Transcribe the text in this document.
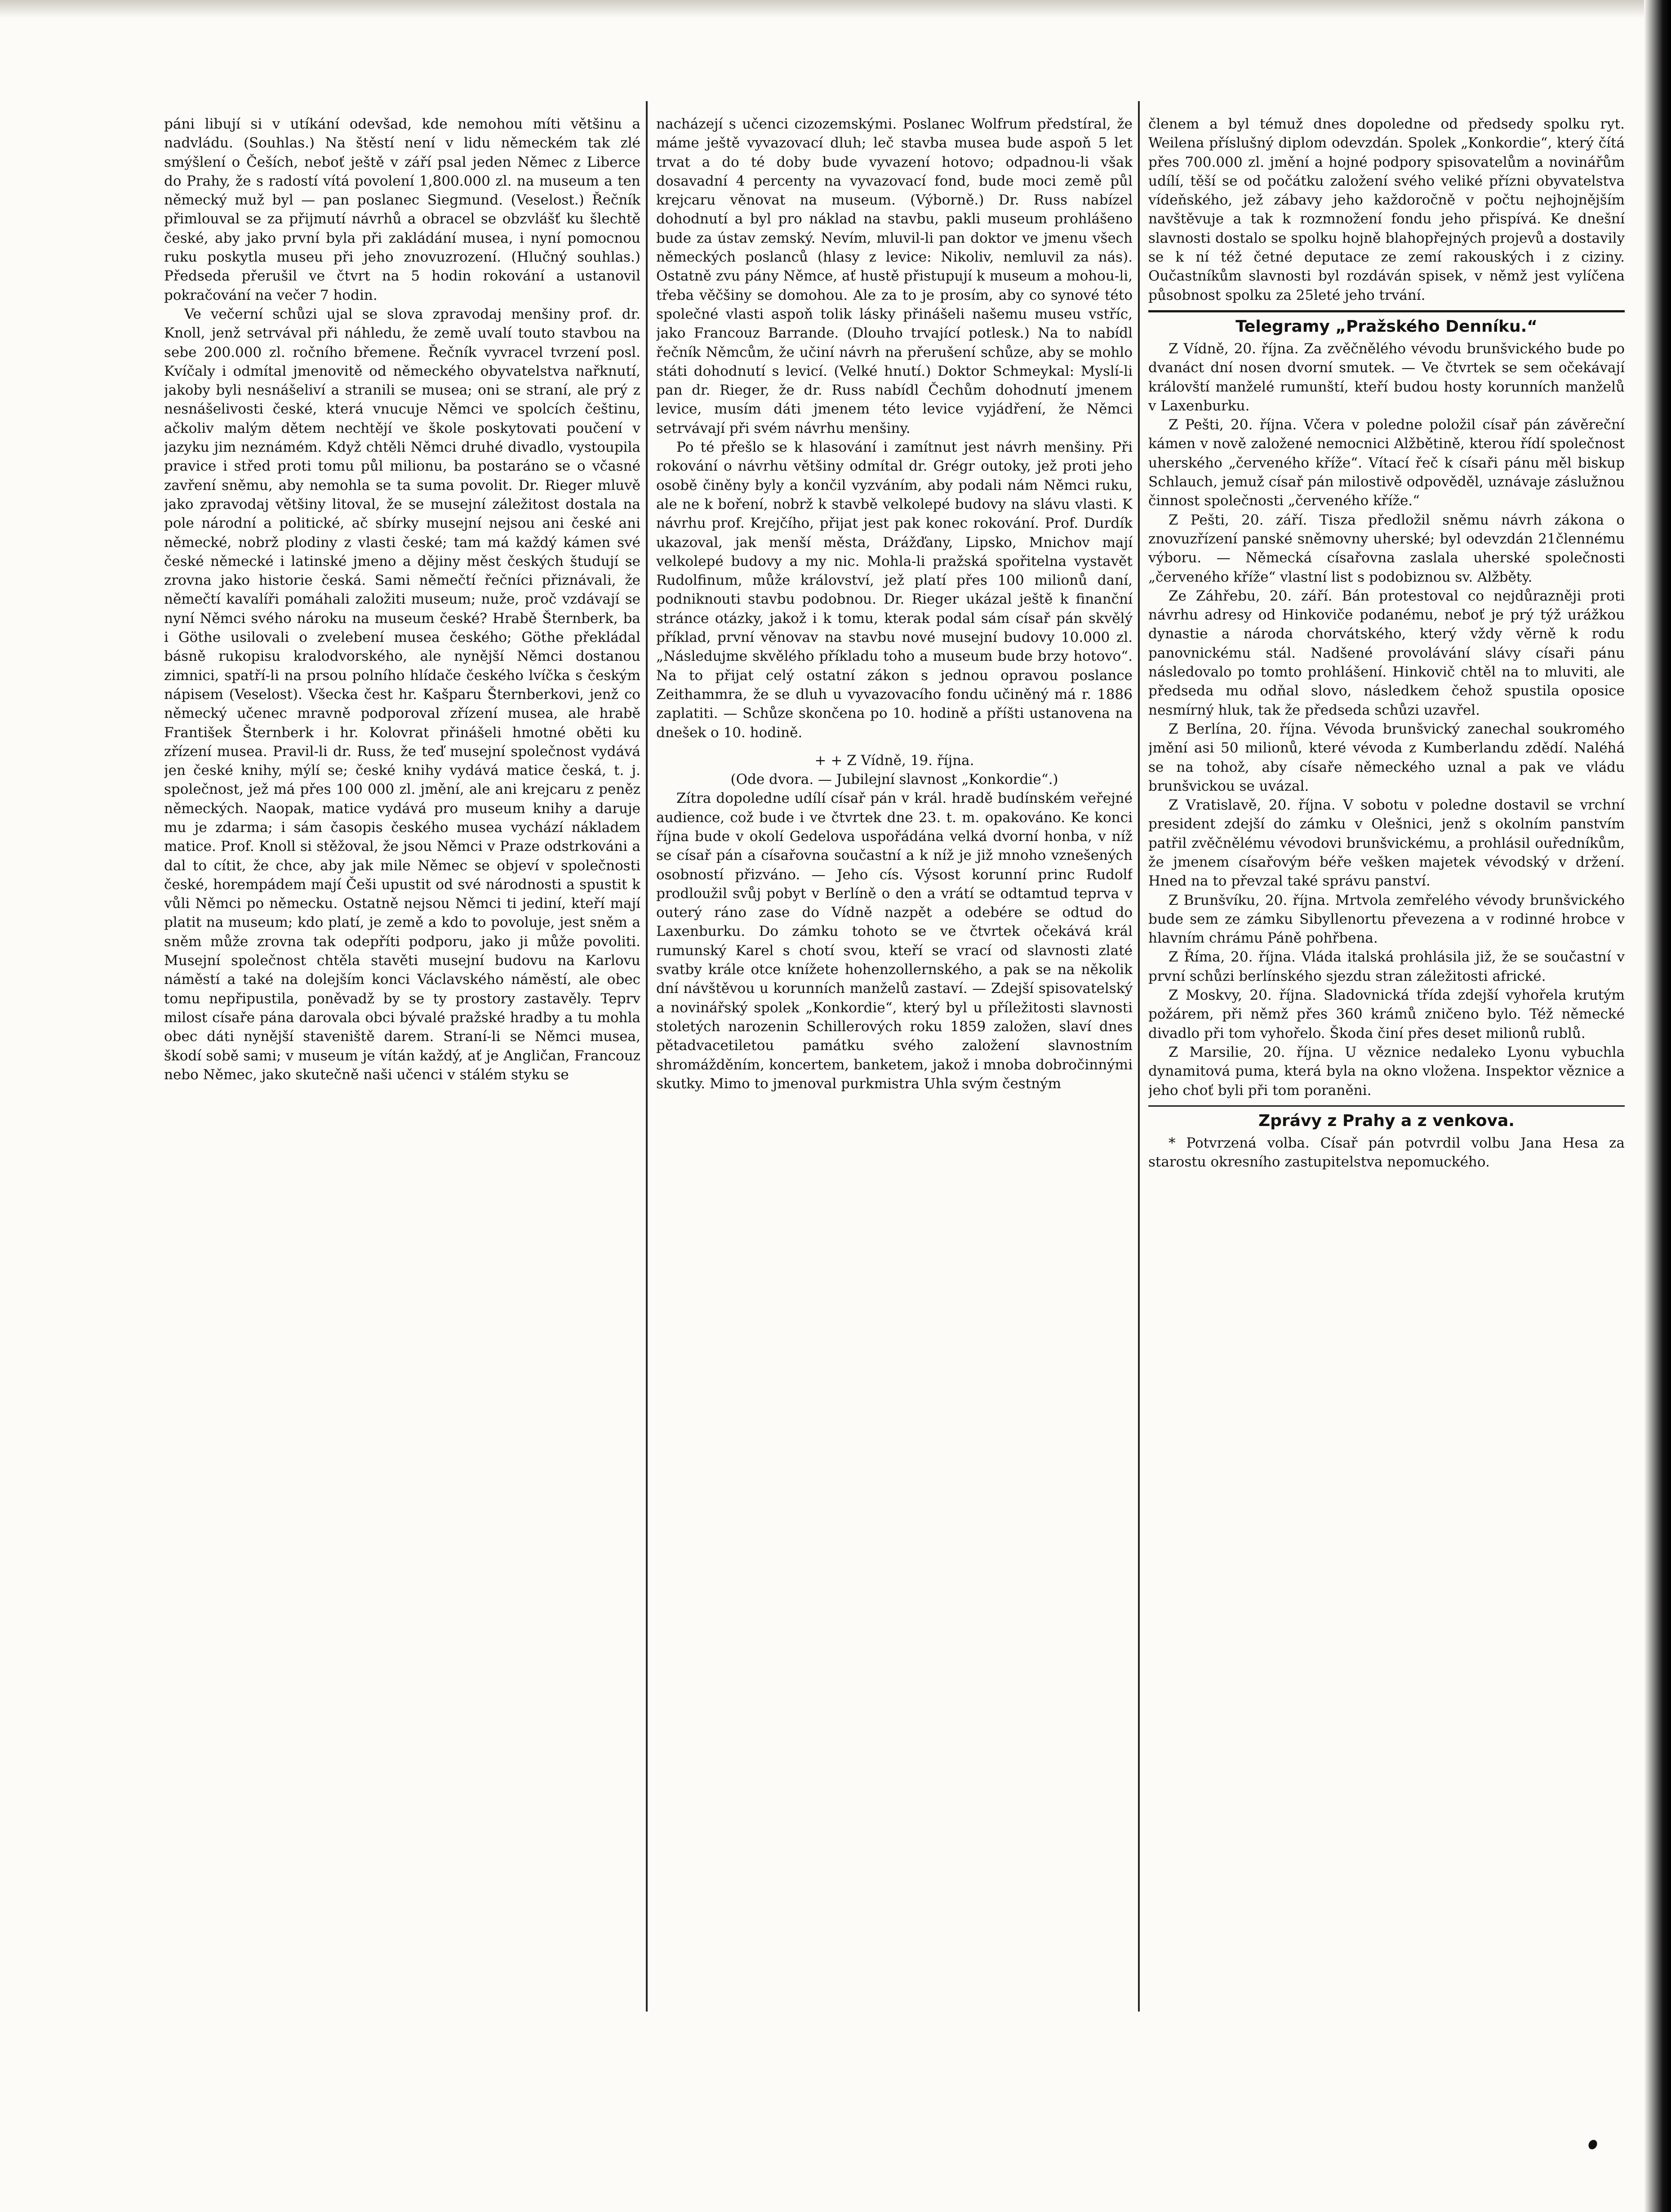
páni libují si v utíkání odevšad, kde nemohou míti většinu a nadvládu. (Souhlas.) Na štěstí není v lidu německém tak zlé smýšlení o Češích, neboť ještě v září psal jeden Němec z Liberce do Prahy, že s radostí vítá povolení 1,800.000 zl. na museum a ten německý muž byl — pan poslanec Siegmund. (Veselost.) Řečník přimlouval se za přijmutí návrhů a obracel se obzvlášť ku šlechtě české, aby jako první byla při zakládání musea, i nyní pomocnou ruku poskytla museu při jeho znovuzrození. (Hlučný souhlas.) Předseda přerušil ve čtvrt na 5 hodin rokování a ustanovil pokračování na večer 7 hodin.

Ve večerní schůzi ujal se slova zpravodaj menšiny prof. dr. Knoll, jenž setrvával při náhledu, že země uvalí touto stavbou na sebe 200.000 zl. ročního břemene. Řečník vyvracel tvrzení posl. Kvíčaly i odmítal jmenovitě od německého obyvatelstva nařknutí, jakoby byli nesnášeliví a stranili se musea; oni se straní, ale prý z nesnášelivosti české, která vnucuje Němci ve spolcích češtinu, ačkoliv malým dětem nechtějí ve škole poskytovati poučení v jazyku jim neznámém. Když chtěli Němci druhé divadlo, vystoupila pravice i střed proti tomu půl milionu, ba postaráno se o včasné zavření sněmu, aby nemohla se ta suma povolit. Dr. Rieger mluvě jako zpravodaj většiny litoval, že se musejní záležitost dostala na pole národní a politické, ač sbírky musejní nejsou ani české ani německé, nobrž plodiny z vlasti české; tam má každý kámen své české německé i latinské jmeno a dějiny měst českých študují se zrovna jako historie česká. Sami němečtí řečníci přiznávali, že němečtí kavalíři pomáhali založiti museum; nuže, proč vzdávají se nyní Němci svého nároku na museum české? Hrabě Šternberk, ba i Göthe usilovali o zvelebení musea českého; Göthe překládal básně rukopisu kralodvorského, ale nynější Němci dostanou zimnici, spatří-li na prsou polního hlídače českého lvíčka s českým nápisem (Veselost). Všecka čest hr. Kašparu Šternberkovi, jenž co německý učenec mravně podporoval zřízení musea, ale hrabě František Šternberk i hr. Kolovrat přinášeli hmotné oběti ku zřízení musea. Pravil-li dr. Russ, že teď musejní společnost vydává jen české knihy, mýlí se; české knihy vydává matice česká, t. j. společnost, jež má přes 100 000 zl. jmění, ale ani krejcaru z peněz německých. Naopak, matice vydává pro museum knihy a daruje mu je zdarma; i sám časopis českého musea vychází nákladem matice. Prof. Knoll si stěžoval, že jsou Němci v Praze odstrkováni a dal to cítit, že chce, aby jak mile Němec se objeví v společnosti české, horempádem mají Češi upustit od své národnosti a spustit k vůli Němci po německu. Ostatně nejsou Němci ti jediní, kteří mají platit na museum; kdo platí, je země a kdo to povoluje, jest sněm a sněm může zrovna tak odepříti podporu, jako ji může povoliti. Musejní společnost chtěla stavěti musejní budovu na Karlovu náměstí a také na dolejším konci Václavského náměstí, ale obec tomu nepřipustila, poněvadž by se ty prostory zastavěly. Teprv milost císaře pána darovala obci bývalé pražské hradby a tu mohla obec dáti nynější staveniště darem. Straní-li se Němci musea, škodí sobě sami; v museum je vítán každý, ať je Angličan, Francouz nebo Němec, jako skutečně naši učenci v stálém styku se

nacházejí s učenci cizozemskými. Poslanec Wolfrum předstíral, že máme ještě vyvazovací dluh; leč stavba musea bude aspoň 5 let trvat a do té doby bude vyvazení hotovo; odpadnou-li však dosavadní 4 percenty na vyvazovací fond, bude moci země půl krejcaru věnovat na museum. (Výborně.) Dr. Russ nabízel dohodnutí a byl pro náklad na stavbu, pakli museum prohlášeno bude za ústav zemský. Nevím, mluvil-li pan doktor ve jmenu všech německých poslanců (hlasy z levice: Nikoliv, nemluvil za nás). Ostatně zvu pány Němce, ať hustě přistupují k museum a mohou-li, třeba věčšiny se domohou. Ale za to je prosím, aby co synové této společné vlasti aspoň tolik lásky přinášeli našemu museu vstříc, jako Francouz Barrande. (Dlouho trvající potlesk.) Na to nabídl řečník Němcům, že učiní návrh na přerušení schůze, aby se mohlo státi dohodnutí s levicí. (Velké hnutí.) Doktor Schmeykal: Myslí-li pan dr. Rieger, že dr. Russ nabídl Čechům dohodnutí jmenem levice, musím dáti jmenem této levice vyjádření, že Němci setrvávají při svém návrhu menšiny.

Po té přešlo se k hlasování i zamítnut jest návrh menšiny. Při rokování o návrhu většiny odmítal dr. Grégr outoky, jež proti jeho osobě činěny byly a končil vyzváním, aby podali nám Němci ruku, ale ne k boření, nobrž k stavbě velkolepé budovy na slávu vlasti. K návrhu prof. Krejčího, přijat jest pak konec rokování. Prof. Durdík ukazoval, jak menší města, Drážďany, Lipsko, Mnichov mají velkolepé budovy a my nic. Mohla-li pražská spořitelna vystavět Rudolfinum, může království, jež platí přes 100 milionů daní, podniknouti stavbu podobnou. Dr. Rieger ukázal ještě k finanční stránce otázky, jakož i k tomu, kterak podal sám císař pán skvělý příklad, první věnovav na stavbu nové musejní budovy 10.000 zl. „Následujme skvělého příkladu toho a museum bude brzy hotovo“. Na to přijat celý ostatní zákon s jednou opravou poslance Zeithammra, že se dluh u vyvazovacího fondu učiněný má r. 1886 zaplatiti. — Schůze skončena po 10. hodině a příšti ustanovena na dnešek o 10. hodině.

+ + Z Vídně, 19. října.
(Ode dvora. — Jubilejní slavnost „Konkordie“.)

Zítra dopoledne udílí císař pán v král. hradě budínském veřejné audience, což bude i ve čtvrtek dne 23. t. m. opakováno. Ke konci října bude v okolí Gedelova uspořádána velká dvorní honba, v níž se císař pán a císařovna součastní a k níž je již mnoho vznešených osobností přizváno. — Jeho cís. Výsost korunní princ Rudolf prodloužil svůj pobyt v Berlíně o den a vrátí se odtamtud teprva v outerý ráno zase do Vídně nazpět a odebére se odtud do Laxenburku. Do zámku tohoto se ve čtvrtek očekává král rumunský Karel s chotí svou, kteří se vrací od slavnosti zlaté svatby krále otce knížete hohenzollernského, a pak se na několik dní návštěvou u korunních manželů zastaví. — Zdejší spisovatelský a novinářský spolek „Konkordie“, který byl u příležitosti slavnosti stoletých narozenin Schillerových roku 1859 založen, slaví dnes pětadvacetiletou památku svého založení slavnostním shromážděním, koncertem, banketem, jakož i mnoba dobročinnými skutky. Mimo to jmenoval purkmistra Uhla svým čestným

členem a byl témuž dnes dopoledne od předsedy spolku ryt. Weilena příslušný diplom odevzdán. Spolek „Konkordie“, který čítá přes 700.000 zl. jmění a hojné podpory spisovatelům a novinářům udílí, těší se od počátku založení svého veliké přízni obyvatelstva vídeňského, jež zábavy jeho každoročně v počtu nejhojnějším navštěvuje a tak k rozmnožení fondu jeho přispívá. Ke dnešní slavnosti dostalo se spolku hojně blahopřejných projevů a dostavily se k ní též četné deputace ze zemí rakouských i z ciziny. Oučastníkům slavnosti byl rozdáván spisek, v němž jest vylíčena působnost spolku za 25leté jeho trvání.

Telegramy „Pražského Denníku.“

Z Vídně, 20. října. Za zvěčnělého vévodu brunšvického bude po dvanáct dní nosen dvorní smutek. — Ve čtvrtek se sem očekávají královští manželé rumunští, kteří budou hosty korunních manželů v Laxenburku.

Z Pešti, 20. října. Včera v poledne položil císař pán závěreční kámen v nově založené nemocnici Alžbětině, kterou řídí společnost uherského „červeného kříže“. Vítací řeč k císaři pánu měl biskup Schlauch, jemuž císař pán milostivě odpověděl, uznávaje záslužnou činnost společnosti „červeného kříže.“

Z Pešti, 20. září. Tisza předložil sněmu návrh zákona o znovuzřízení panské sněmovny uherské; byl odevzdán 21člennému výboru. — Německá císařovna zaslala uherské společnosti „červeného kříže“ vlastní list s podobiznou sv. Alžběty.

Ze Záhřebu, 20. září. Bán protestoval co nejdůrazněji proti návrhu adresy od Hinkoviče podanému, neboť je prý týž urážkou dynastie a národa chorvátského, který vždy věrně k rodu panovnickému stál. Nadšené provolávání slávy císaři pánu následovalo po tomto prohlášení. Hinkovič chtěl na to mluviti, ale předseda mu odňal slovo, následkem čehož spustila oposice nesmírný hluk, tak že předseda schůzi uzavřel.

Z Berlína, 20. října. Vévoda brunšvický zanechal soukromého jmění asi 50 milionů, které vévoda z Kumberlandu zdědí. Naléhá se na tohož, aby císaře německého uznal a pak ve vládu brunšvickou se uvázal.

Z Vratislavě, 20. října. V sobotu v poledne dostavil se vrchní president zdejší do zámku v Olešnici, jenž s okolním panstvím patřil zvěčnělému vévodovi brunšvickému, a prohlásil ouředníkům, že jmenem císařovým béře vešken majetek vévodský v držení. Hned na to převzal také správu panství.

Z Brunšvíku, 20. října. Mrtvola zemřelého vévody brunšvického bude sem ze zámku Sibyllenortu převezena a v rodinné hrobce v hlavním chrámu Páně pohřbena.

Z Říma, 20. října. Vláda italská prohlásila již, že se součastní v první schůzi berlínského sjezdu stran záležitosti africké.

Z Moskvy, 20. října. Sladovnická třída zdejší vyhořela krutým požárem, při němž přes 360 krámů zničeno bylo. Též německé divadlo při tom vyhořelo. Škoda činí přes deset milionů rublů.

Z Marsilie, 20. října. U věznice nedaleko Lyonu vybuchla dynamitová puma, která byla na okno vložena. Inspektor věznice a jeho choť byli při tom poraněni.

Zprávy z Prahy a z venkova.

* Potvrzená volba. Císař pán potvrdil volbu Jana Hesa za starostu okresního zastupitelstva nepomuckého.
